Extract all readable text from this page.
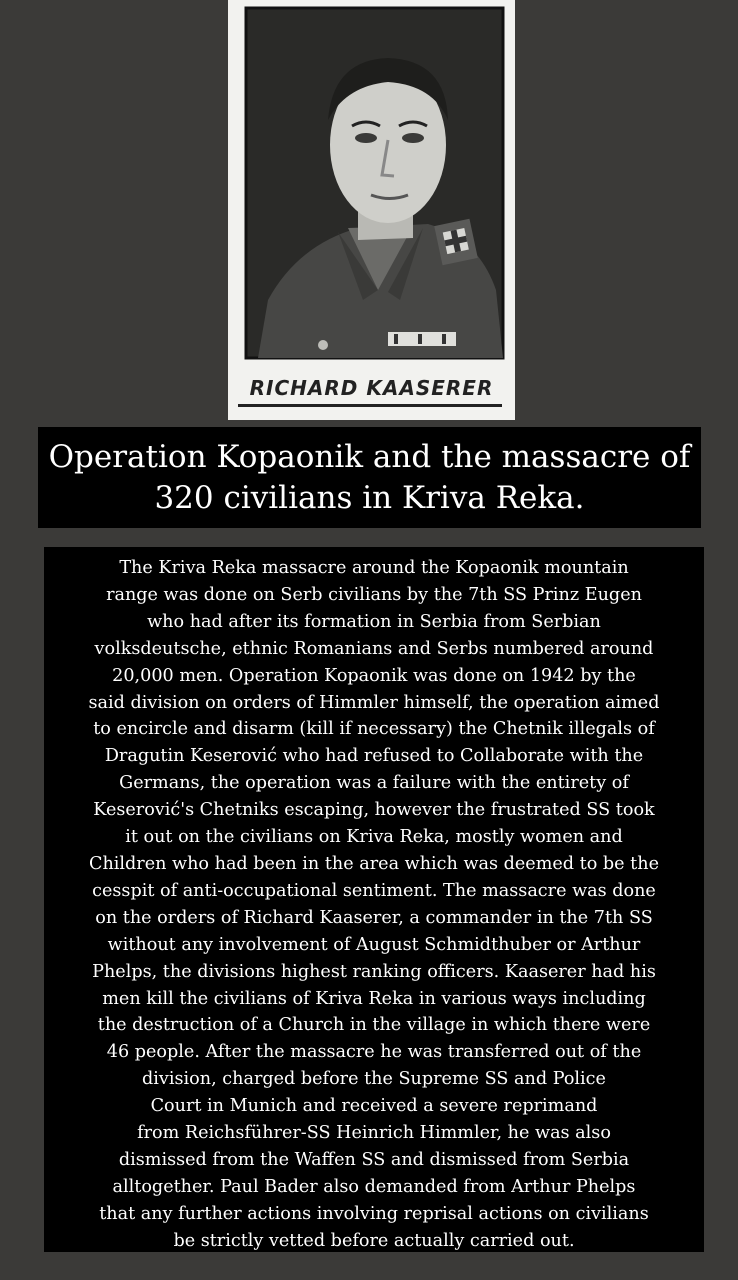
RICHARD KAASERER
Operation Kopaonik and the massacre of
320 civilians in Kriva Reka.

The Kriva Reka massacre around the Kopaonik mountain
range was done on Serb civilians by the 7th SS Prinz Eugen
who had after its formation in Serbia from Serbian
volksdeutsche, ethnic Romanians and Serbs numbered around
20,000 men. Operation Kopaonik was done on 1942 by the
said division on orders of Himmler himself, the operation aimed
to encircle and disarm (kill if necessary) the Chetnik illegals of
Dragutin Keserović who had refused to Collaborate with the
Germans, the operation was a failure with the entirety of
Keserović's Chetniks escaping, however the frustrated SS took
it out on the civilians on Kriva Reka, mostly women and
Children who had been in the area which was deemed to be the
cesspit of anti-occupational sentiment. The massacre was done
on the orders of Richard Kaaserer, a commander in the 7th SS
without any involvement of August Schmidthuber or Arthur
Phelps, the divisions highest ranking officers. Kaaserer had his
men kill the civilians of Kriva Reka in various ways including
the destruction of a Church in the village in which there were
46 people. After the massacre he was transferred out of the
division, charged before the Supreme SS and Police
Court in Munich and received a severe reprimand
from Reichsführer-SS Heinrich Himmler, he was also
dismissed from the Waffen SS and dismissed from Serbia
alltogether. Paul Bader also demanded from Arthur Phelps
that any further actions involving reprisal actions on civilians
be strictly vetted before actually carried out.
